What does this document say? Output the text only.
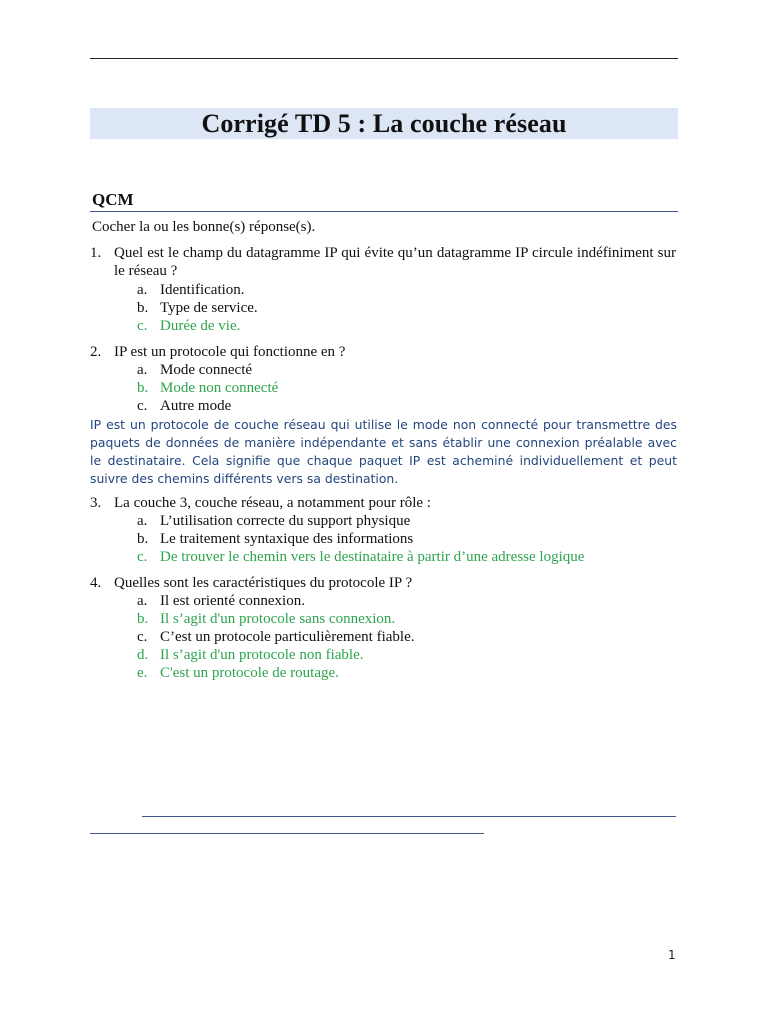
Corrigé TD 5 : La couche réseau
QCM
Cocher la ou les bonne(s) réponse(s).
1. Quel est le champ du datagramme IP qui évite qu’un datagramme IP circule indéfiniment sur le réseau ?
a. Identification.
b. Type de service.
c. Durée de vie.
2. IP est un protocole qui fonctionne en ?
a. Mode connecté
b. Mode non connecté
c. Autre mode
IP est un protocole de couche réseau qui utilise le mode non connecté pour transmettre des paquets de données de manière indépendante et sans établir une connexion préalable avec le destinataire. Cela signifie que chaque paquet IP est acheminé individuellement et peut suivre des chemins différents vers sa destination.
3. La couche 3, couche réseau, a notamment pour rôle :
a. L’utilisation correcte du support physique
b. Le traitement syntaxique des informations
c. De trouver le chemin vers le destinataire à partir d’une adresse logique
4. Quelles sont les caractéristiques du protocole IP ?
a. Il est orienté connexion.
b. Il s’agit d'un protocole sans connexion.
c. C’est un protocole particulièrement fiable.
d. Il s’agit d'un protocole non fiable.
e. C'est un protocole de routage.
1
